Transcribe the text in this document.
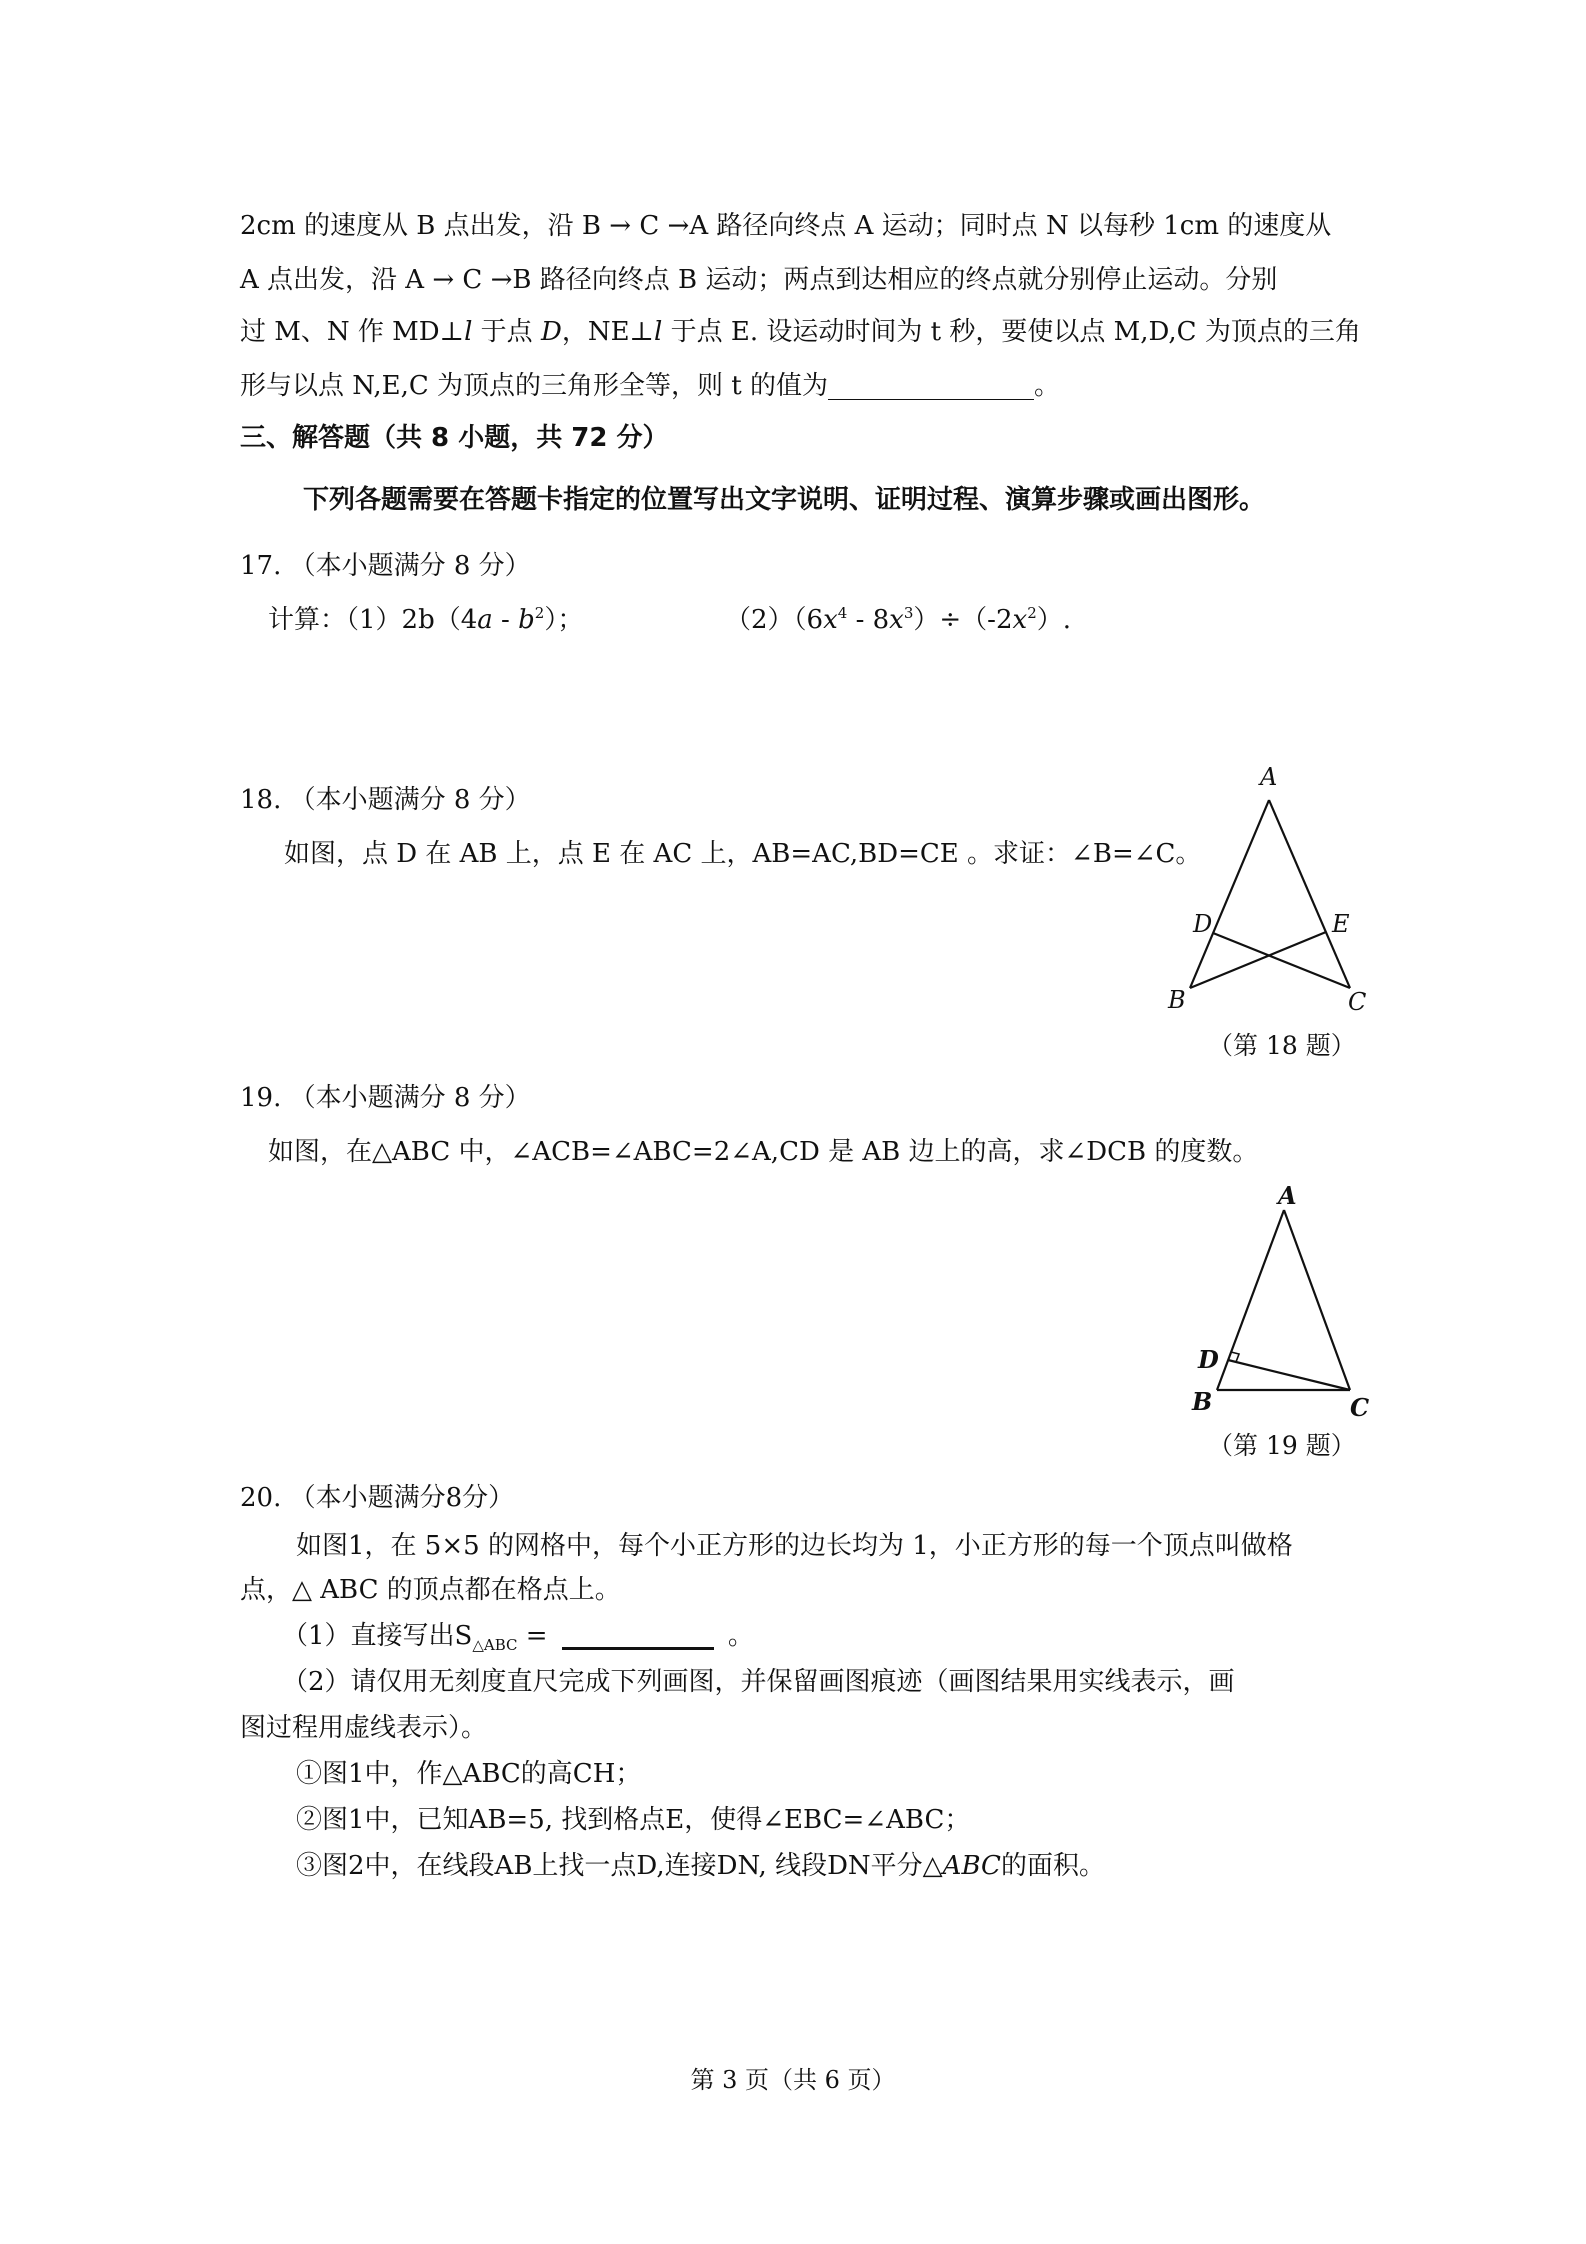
2cm 的速度从 B 点出发，沿 B → C →A 路径向终点 A 运动；同时点 N 以每秒 1cm 的速度从
A 点出发，沿 A → C →B 路径向终点 B 运动；两点到达相应的终点就分别停止运动。分别
过 M、N 作 MD⊥l 于点 D，NE⊥l 于点 E. 设运动时间为 t 秒，要使以点 M,D,C 为顶点的三角
形与以点 N,E,C 为顶点的三角形全等，则 t 的值为	。
三、解答题（共 8 小题，共 72 分）
下列各题需要在答题卡指定的位置写出文字说明、证明过程、演算步骤或画出图形。
17. （本小题满分 8 分）
计算：$(1)2b(4a - b^2)$；	$(2)(6x^4 - 8x^3)\div(-2x^2)$.
18. （本小题满分 8 分）
如图，点 D 在 AB 上，点 E 在 AC 上，AB=AC,BD=CE 。求证：∠B=∠C。
A
D	E
B	C
（第 18 题）
19. （本小题满分 8 分）
如图，在△ABC 中，∠ACB=∠ABC=2∠A,CD 是 AB 边上的高，求∠DCB 的度数。
A
D
B	C
（第 19 题）
20. （本小题满分8分）
如图1，在 5×5 的网格中，每个小正方形的边长均为 1，小正方形的每一个顶点叫做格
点，△ ABC 的顶点都在格点上。
（1）直接写出$S_{\triangle ABC}$ =	。
（2）请仅用无刻度直尺完成下列画图，并保留画图痕迹（画图结果用实线表示，画
图过程用虚线表示）。
①图1中，作△ABC的高CH；
②图1中，已知AB=5, 找到格点E，使得∠EBC=∠ABC；
③图2中，在线段AB上找一点D,连接DN, 线段DN平分△ABC的面积。
第 3 页（共 6 页）
